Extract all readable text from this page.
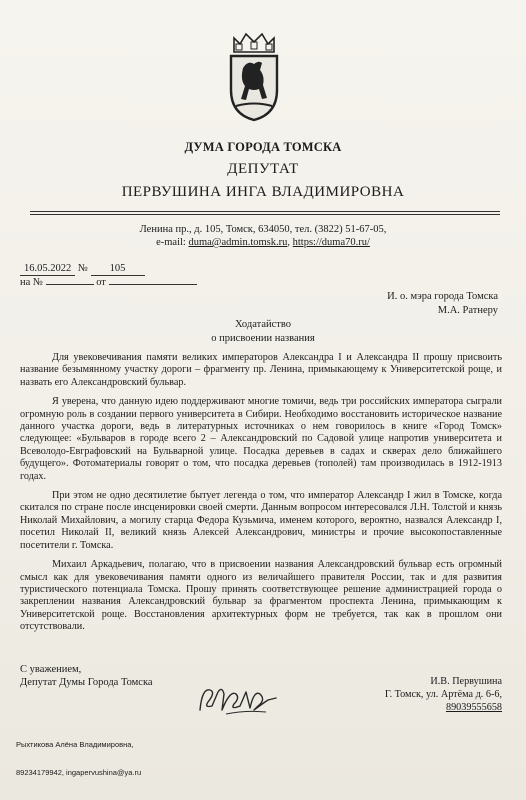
ДУМА ГОРОДА ТОМСКА
ДЕПУТАТ
ПЕРВУШИНА ИНГА ВЛАДИМИРОВНА
Ленина пр., д. 105, Томск, 634050, тел. (3822) 51-67-05,
e-mail: duma@admin.tomsk.ru, https://duma70.ru/
16.05.2022 № 105
на №	от
И. о. мэра города Томска
М.А. Ратнеру
Ходатайство
о присвоении названия

Для увековечивания памяти великих императоров Александра I и Александра II прошу присвоить название безымянному участку дороги – фрагменту пр. Ленина, примыкающему к Университетской роще, и назвать его Александровский бульвар.

Я уверена, что данную идею поддерживают многие томичи, ведь три российских императора сыграли огромную роль в создании первого университета в Сибири. Необходимо восстановить историческое название данного участка дороги, ведь в литературных источниках о нем говорилось в книге «Город Томск» следующее: «Бульваров в городе всего 2 – Александровский по Садовой улице напротив университета и Всеволодо-Евграфовский на Бульварной улице. Посадка деревьев в садах и скверах дело ближайшего будущего». Фотоматериалы говорят о том, что посадка деревьев (тополей) там производилась в 1912-1913 годах.

При этом не одно десятилетие бытует легенда о том, что император Александр I жил в Томске, когда скитался по стране после инсценировки своей смерти. Данным вопросом интересовался Л.Н. Толстой и князь Николай Михайлович, а могилу старца Федора Кузьмича, именем которого, вероятно, назвался Александр I, посетил Николай II, великий князь Алексей Александрович, министры и прочие высокопоставленные посетители г. Томска.

Михаил Аркадьевич, полагаю, что в присвоении названия Александровский бульвар есть огромный смысл как для увековечивания памяти одного из величайшего правителя России, так и для развития туристического потенциала Томска. Прошу принять соответствующее решение администрацией города о закреплении названия Александровский бульвар за фрагментом проспекта Ленина, примыкающим к Университетской роще. Восстановления архитектурных форм не требуется, так как в прошлом они отсутствовали.

С уважением,
Депутат Думы Города Томска	И.В. Первушина
Г. Томск, ул. Артёма д. 6-6,
89039555658
Рыхтикова Алёна Владимировна,
89234179942, ingapervushina@ya.ru
